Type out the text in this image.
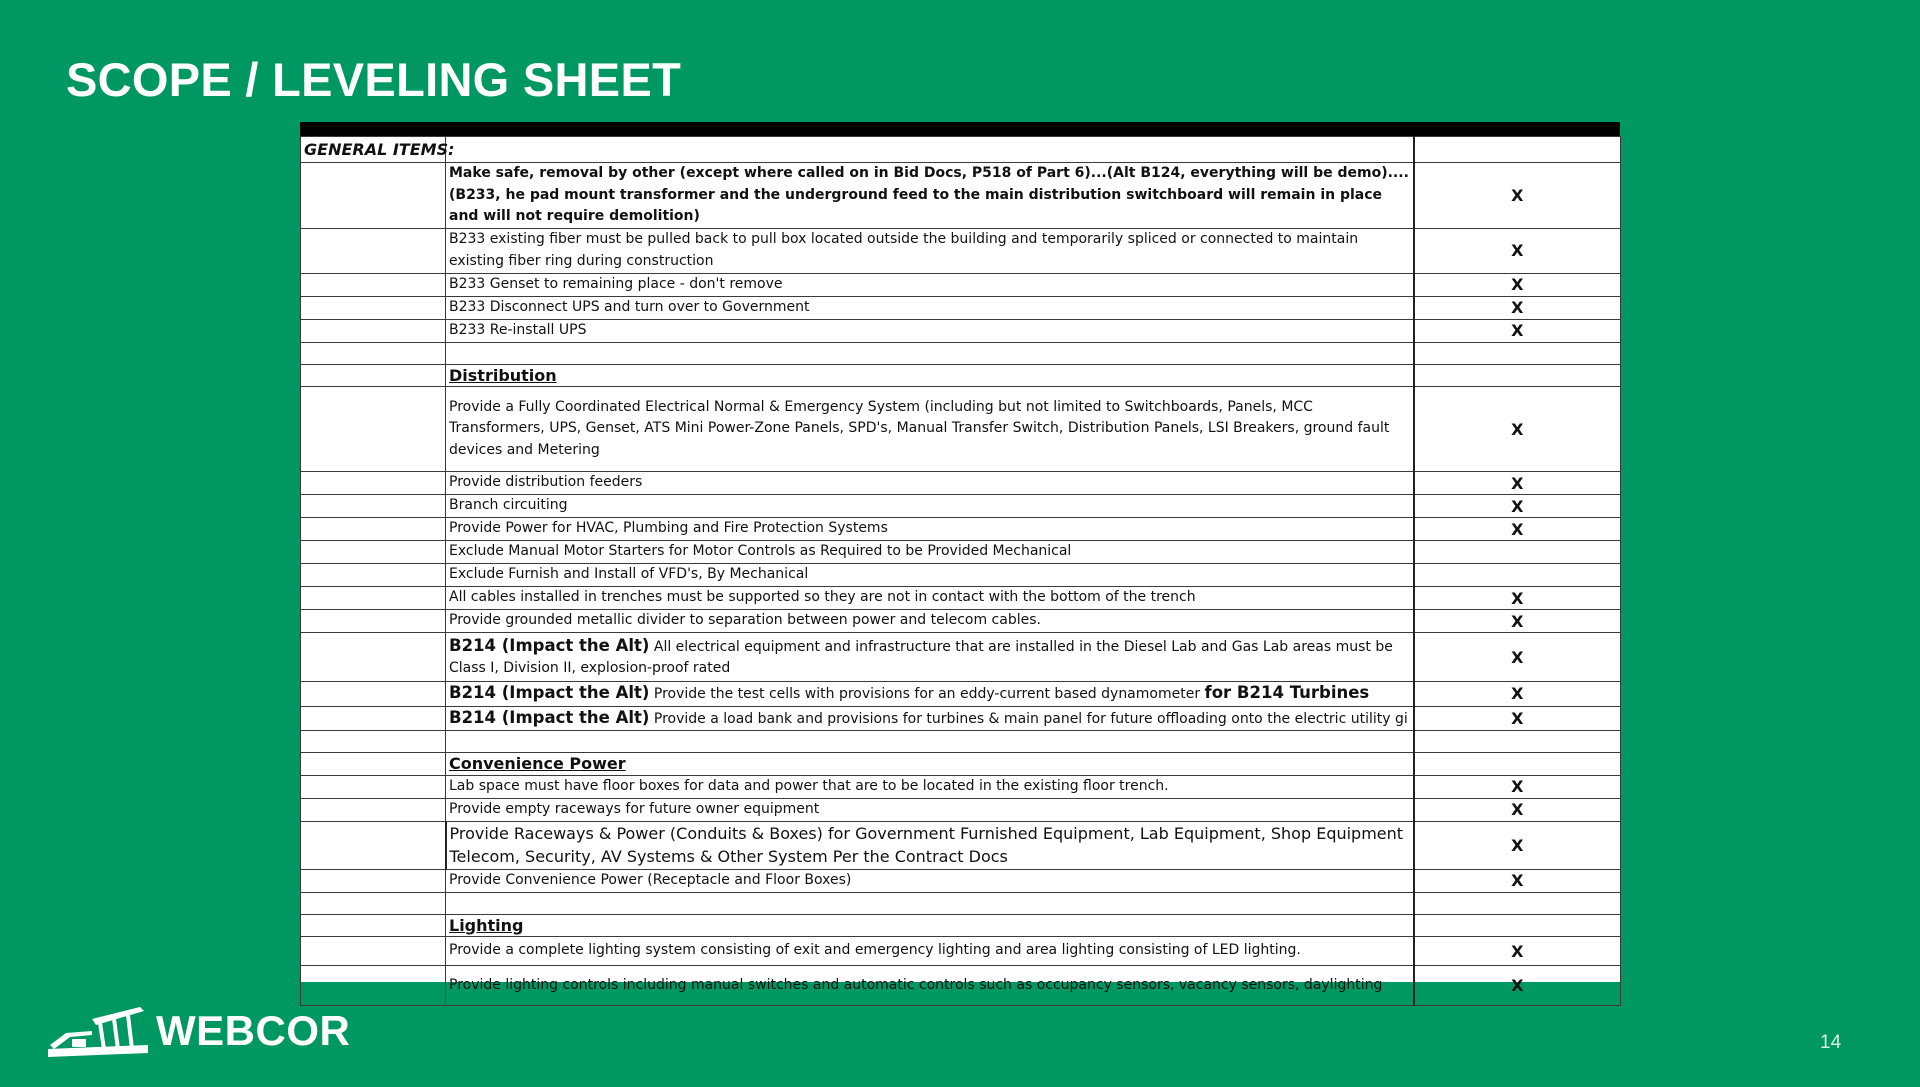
SCOPE / LEVELING SHEET
GENERAL ITEMS:		
	Make safe, removal by other (except where called on in Bid Docs, P518 of Part 6)...(Alt B124, everything will be demo)....(B233, he pad mount transformer and the underground feed to the main distribution switchboard will remain in place and will not require demolition)	X
	B233 existing fiber must be pulled back to pull box located outside the building and temporarily spliced or connected to maintain existing fiber ring during construction	X
	B233 Genset to remaining place - don't remove	X
	B233 Disconnect UPS and turn over to Government	X
	B233 Re-install UPS	X

	Distribution	
	Provide a Fully Coordinated Electrical Normal & Emergency System (including but not limited to Switchboards, Panels, MCC Transformers, UPS, Genset, ATS Mini Power-Zone Panels, SPD's, Manual Transfer Switch, Distribution Panels, LSI Breakers, ground fault devices and Metering	X
	Provide distribution feeders	X
	Branch circuiting	X
	Provide Power for HVAC, Plumbing and Fire Protection Systems	X
	Exclude Manual Motor Starters for Motor Controls as Required to be Provided Mechanical	
	Exclude Furnish and Install of VFD's, By Mechanical	
	All cables installed in trenches must be supported so they are not in contact with the bottom of the trench	X
	Provide grounded metallic divider to separation between power and telecom cables.	X
	B214 (Impact the Alt) All electrical equipment and infrastructure that are installed in the Diesel Lab and Gas Lab areas must be Class I, Division II, explosion-proof rated	X
	B214 (Impact the Alt) Provide the test cells with provisions for an eddy-current based dynamometer for B214 Turbines	X
	B214 (Impact the Alt) Provide a load bank and provisions for turbines & main panel for future offloading onto the electric utility gi	X

	Convenience Power	
	Lab space must have floor boxes for data and power that are to be located in the existing floor trench.	X
	Provide empty raceways for future owner equipment	X
	Provide Raceways & Power (Conduits & Boxes) for Government Furnished Equipment, Lab Equipment, Shop Equipment Telecom, Security, AV Systems & Other System Per the Contract Docs	X
	Provide Convenience Power (Receptacle and Floor Boxes)	X

	Lighting	
	Provide a complete lighting system consisting of exit and emergency lighting and area lighting consisting of LED lighting.	X
	Provide lighting controls including manual switches and automatic controls such as occupancy sensors, vacancy sensors, daylighting	X
WEBCOR	14
